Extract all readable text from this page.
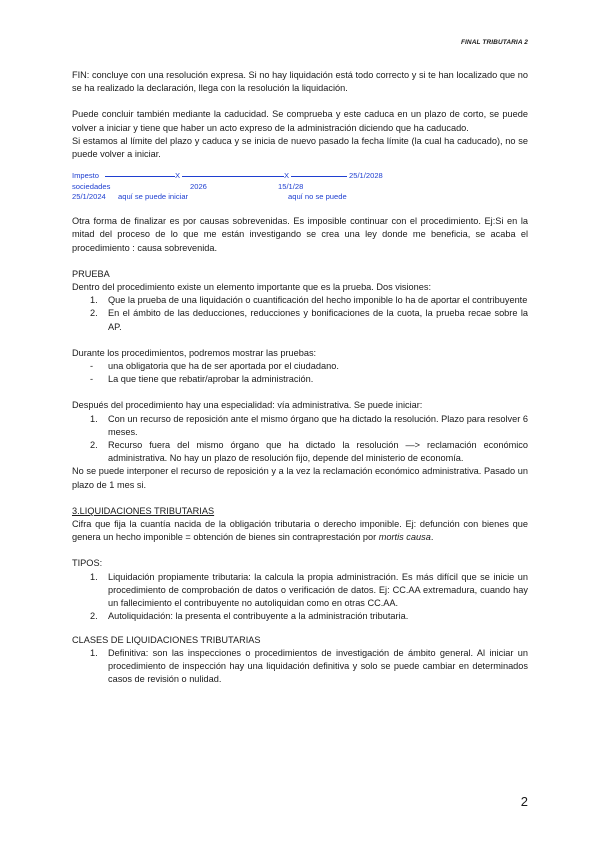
FINAL TRIBUTARIA 2

FIN: concluye con una resolución expresa. Si no hay liquidación está todo correcto y si te han localizado que no se ha realizado la declaración, llega con la resolución la liquidación.

Puede concluir también mediante la caducidad. Se comprueba y este caduca en un plazo de corto, se puede volver a iniciar y tiene que haber un acto expreso de la administración diciendo que ha caducado.

Si estamos al límite del plazo y caduca y se inicia de nuevo pasado la fecha límite (la cual ha caducado), no se puede volver a iniciar.

Impesto	X	X	25/1/2028
sociedades	2026	15/1/28
25/1/2024 aquí se puede iniciar	aquí no se puede

Otra forma de finalizar es por causas sobrevenidas. Es imposible continuar con el procedimiento. Ej:Si en la mitad del proceso de lo que me están investigando se crea una ley donde me beneficia, se acaba el procedimiento : causa sobrevenida.

PRUEBA

Dentro del procedimiento existe un elemento importante que es la prueba. Dos visiones:

1. Que la prueba de una liquidación o cuantificación del hecho imponible lo ha de aportar el contribuyente
2. En el ámbito de las deducciones, reducciones y bonificaciones de la cuota, la prueba recae sobre la AP.

Durante los procedimientos, podremos mostrar las pruebas:

- una obligatoria que ha de ser aportada por el ciudadano.
- La que tiene que rebatir/aprobar la administración.

Después del procedimiento hay una especialidad: vía administrativa. Se puede iniciar:

1. Con un recurso de reposición ante el mismo órgano que ha dictado la resolución. Plazo para resolver 6 meses.
2. Recurso fuera del mismo órgano que ha dictado la resolución —> reclamación económico administrativa. No hay un plazo de resolución fijo, depende del ministerio de economía.

No se puede interponer el recurso de reposición y a la vez la reclamación económico administrativa. Pasado un plazo de 1 mes si.

3.LIQUIDACIONES TRIBUTARIAS

Cifra que fija la cuantía nacida de la obligación tributaria o derecho imponible. Ej: defunción con bienes que genera un hecho imponible = obtención de bienes sin contraprestación por mortis causa.

TIPOS:

1. Liquidación propiamente tributaria: la calcula la propia administración. Es más difícil que se inicie un procedimiento de comprobación de datos o verificación de datos. Ej: CC.AA extremadura, cuando hay un fallecimiento el contribuyente no autoliquidan como en otras CC.AA.
2. Autoliquidación: la presenta el contribuyente a la administración tributaria.

CLASES DE LIQUIDACIONES TRIBUTARIAS

1. Definitiva: son las inspecciones o procedimientos de investigación de ámbito general. Al iniciar un procedimiento de inspección hay una liquidación definitiva y solo se puede cambiar en determinados casos de revisión o nulidad.
2
